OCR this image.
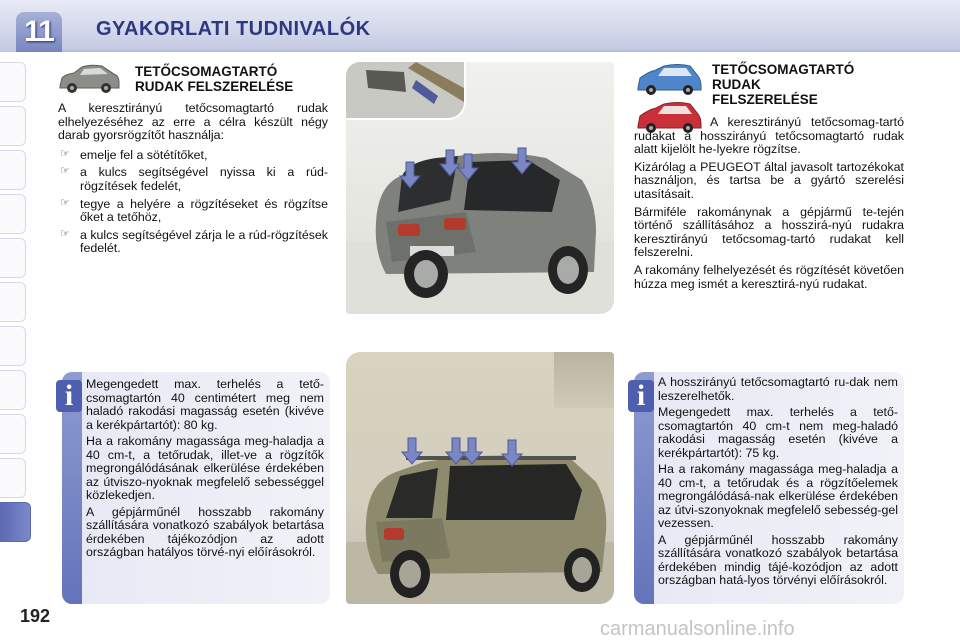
11	GYAKORLATI TUDNIVALÓK
TETŐCSOMAGTARTÓ
RUDAK FELSZERELÉSE

A keresztirányú tetőcsomagtartó rudak elhelyezéséhez az erre a célra készült négy darab gyorsrögzítőt használja:

☞ emelje fel a sötétítőket,
☞ a kulcs segítségével nyissa ki a rúd-rögzítések fedelét,
☞ tegye a helyére a rögzítéseket és rögzítse őket a tetőhöz,
☞ a kulcs segítségével zárja le a rúd-rögzítések fedelét.
i	Megengedett max. terhelés a tető-csomagtartón 40 centimétert meg nem haladó rakodási magasság esetén (kivéve a kerékpártartót): 80 kg.

Ha a rakomány magassága meg-haladja a 40 cm-t, a tetőrudak, illet-ve a rögzítők megrongálódásának elkerülése érdekében az útviszo-nyoknak megfelelő sebességgel közlekedjen.

A gépjárműnél hosszabb rakomány szállítására vonatkozó szabályok betartása érdekében tájékozódjon az adott országban hatályos törvé-nyi előírásokról.

TETŐCSOMAGTARTÓ
RUDAK
FELSZERELÉSE

A keresztirányú tetőcsomag-tartó rudakat a hosszirányú tetőcsomagtartó rudak alatt kijelölt he-lyekre rögzítse.

Kizárólag a PEUGEOT által javasolt tartozékokat használjon, és tartsa be a gyártó szerelési utasításait.

Bármiféle rakománynak a gépjármű te-tején történő szállításához a hosszirá-nyú rudakra keresztirányú tetőcsomag-tartó rudakat kell felszerelni.

A rakomány felhelyezését és rögzítését követően húzza meg ismét a keresztirá-nyú rudakat.

i	A hosszirányú tetőcsomagtartó ru-dak nem leszerelhetők.

Megengedett max. terhelés a tető-csomagtartón 40 cm-t nem meg-haladó rakodási magasság esetén (kivéve a kerékpártartót): 75 kg.

Ha a rakomány magassága meg-haladja a 40 cm-t, a tetőrudak és a rögzítőelemek megrongálódásá-nak elkerülése érdekében az útvi-szonyoknak megfelelő sebesség-gel vezessen.

A gépjárműnél hosszabb rakomány szállítására vonatkozó szabályok betartása érdekében mindig tájé-kozódjon az adott országban hatá-lyos törvényi előírásokról.

192
carmanualsonline.info
